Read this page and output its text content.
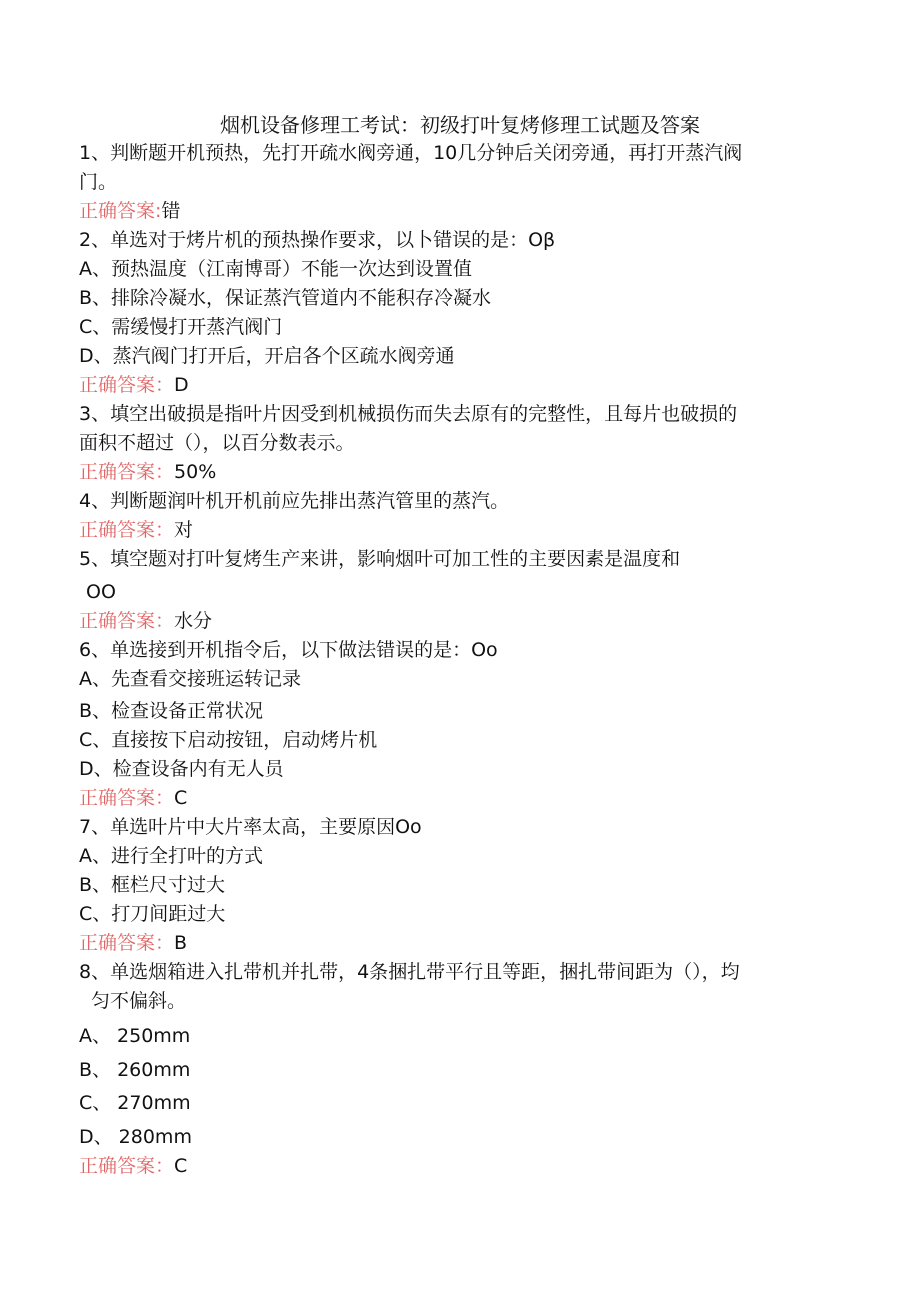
烟机设备修理工考试：初级打叶复烤修理工试题及答案
1、判断题开机预热，先打开疏水阀旁通，10几分钟后关闭旁通，再打开蒸汽阀
门。
正确答案:错
2、单选对于烤片机的预热操作要求，以卜错误的是：Oβ
A、预热温度（江南博哥）不能一次达到设置值
B、排除冷凝水，保证蒸汽管道内不能积存冷凝水
C、需缓慢打开蒸汽阀门
D、蒸汽阀门打开后，开启各个区疏水阀旁通
正确答案：D
3、填空出破损是指叶片因受到机械损伤而失去原有的完整性，且每片也破损的
面积不超过（），以百分数表示。
正确答案：50%
4、判断题润叶机开机前应先排出蒸汽管里的蒸汽。
正确答案：对
5、填空题对打叶复烤生产来讲，影响烟叶可加工性的主要因素是温度和
OO
正确答案：水分
6、单选接到开机指令后，以下做法错误的是：Oo
A、先查看交接班运转记录
B、检查设备正常状况
C、直接按下启动按钮，启动烤片机
D、检查设备内有无人员
正确答案：C
7、单选叶片中大片率太高，主要原因Oo
A、进行全打叶的方式
B、框栏尺寸过大
C、打刀间距过大
正确答案：B
8、单选烟箱进入扎带机并扎带，4条捆扎带平行且等距，捆扎带间距为（），均
匀不偏斜。
A、 250mm
B、 260mm
C、 270mm
D、 280mm
正确答案：C
